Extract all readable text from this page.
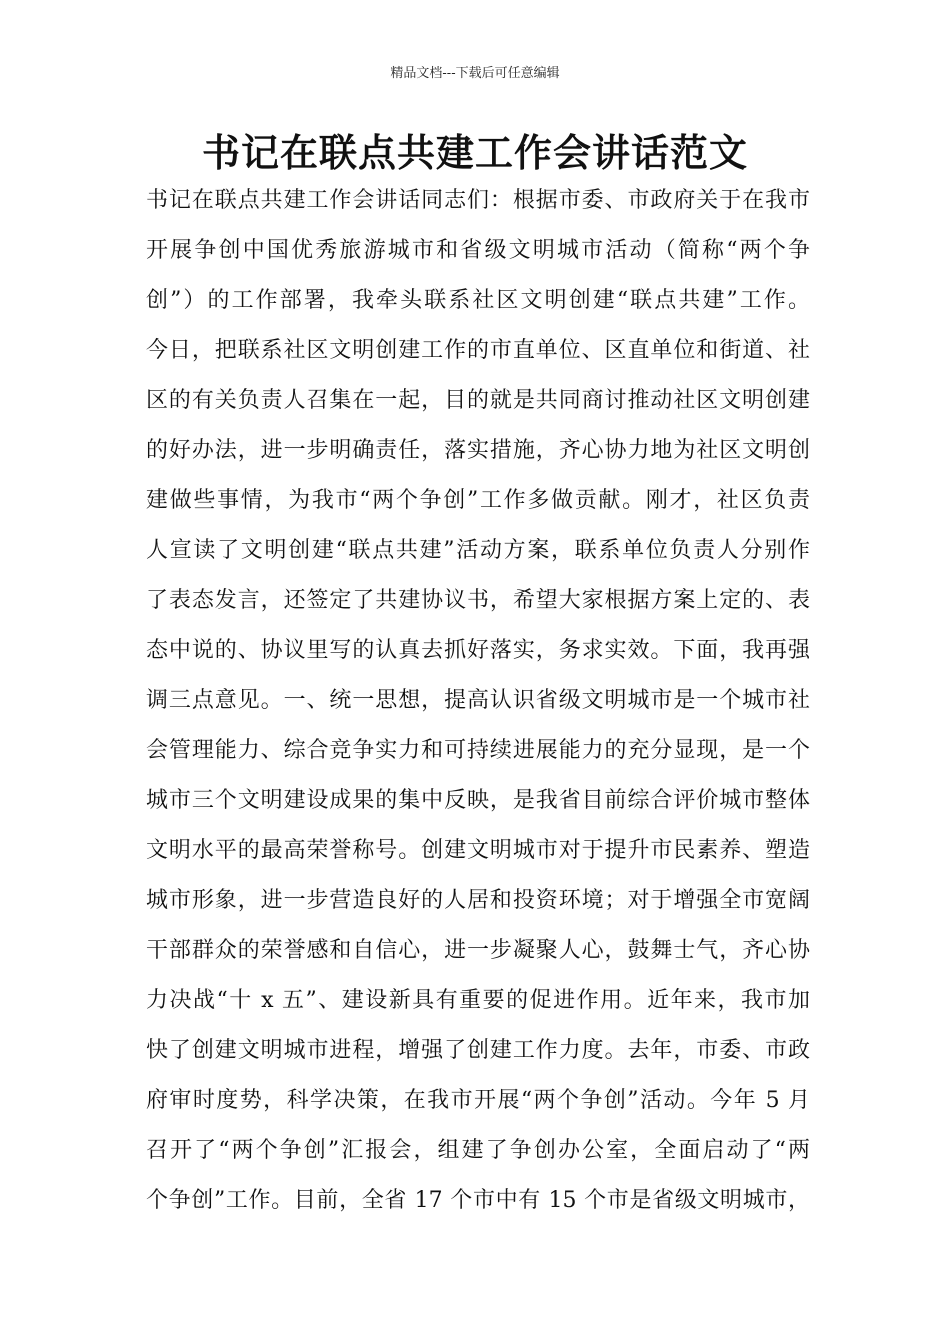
精品文档---下载后可任意编辑
书记在联点共建工作会讲话范文
书记在联点共建工作会讲话同志们：根据市委、市政府关于在我市
开展争创中国优秀旅游城市和省级文明城市活动（简称“两个争
创”）的工作部署，我牵头联系社区文明创建“联点共建”工作。
今日，把联系社区文明创建工作的市直单位、区直单位和街道、社
区的有关负责人召集在一起，目的就是共同商讨推动社区文明创建
的好办法，进一步明确责任，落实措施，齐心协力地为社区文明创
建做些事情，为我市“两个争创”工作多做贡献。刚才，社区负责
人宣读了文明创建“联点共建”活动方案，联系单位负责人分别作
了表态发言，还签定了共建协议书，希望大家根据方案上定的、表
态中说的、协议里写的认真去抓好落实，务求实效。下面，我再强
调三点意见。一、统一思想，提高认识省级文明城市是一个城市社
会管理能力、综合竞争实力和可持续进展能力的充分显现，是一个
城市三个文明建设成果的集中反映，是我省目前综合评价城市整体
文明水平的最高荣誉称号。创建文明城市对于提升市民素养、塑造
城市形象，进一步营造良好的人居和投资环境；对于增强全市宽阔
干部群众的荣誉感和自信心，进一步凝聚人心，鼓舞士气，齐心协
力决战“十 x 五”、建设新具有重要的促进作用。近年来，我市加
快了创建文明城市进程，增强了创建工作力度。去年，市委、市政
府审时度势，科学决策，在我市开展“两个争创”活动。今年 5 月
召开了“两个争创”汇报会，组建了争创办公室，全面启动了“两
个争创”工作。目前，全省 17 个市中有 15 个市是省级文明城市，
